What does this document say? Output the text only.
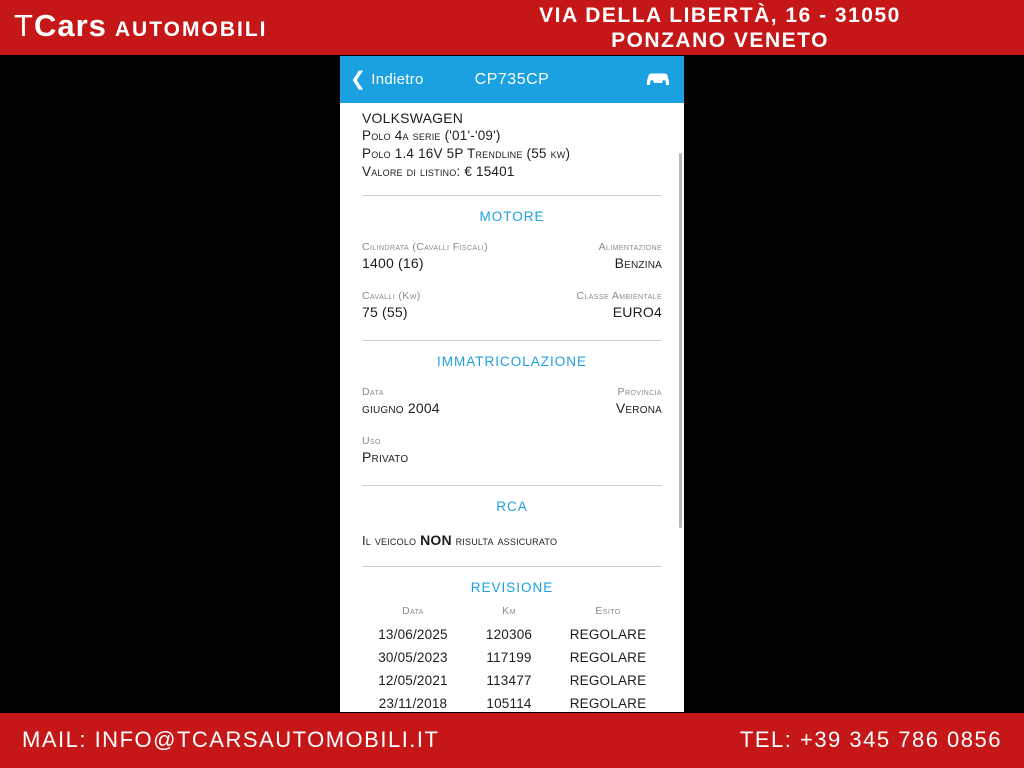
TCars AUTOMOBILI
VIA DELLA LIBERTÀ, 16 - 31050
PONZANO VENETO
❮ Indietro	CP735CP
VOLKSWAGEN
Polo 4a serie ('01'-'09')
Polo 1.4 16V 5P Trendline (55 kw)
Valore di listino: € 15401
MOTORE
Cilindrata (Cavalli Fiscali)
1400 (16)
Alimentazione
Benzina
Cavalli (Kw)
75 (55)
Classe Ambientale
EURO4
IMMATRICOLAZIONE
Data
giugno 2004
Provincia
Verona
Uso
Privato
RCA
Il veicolo NON risulta assicurato
REVISIONE
Data	Km	Esito
13/06/2025	120306	REGOLARE
30/05/2023	117199	REGOLARE
12/05/2021	113477	REGOLARE
23/11/2018	105114	REGOLARE
MAIL: INFO@TCARSAUTOMOBILI.IT	TEL: +39 345 786 0856
